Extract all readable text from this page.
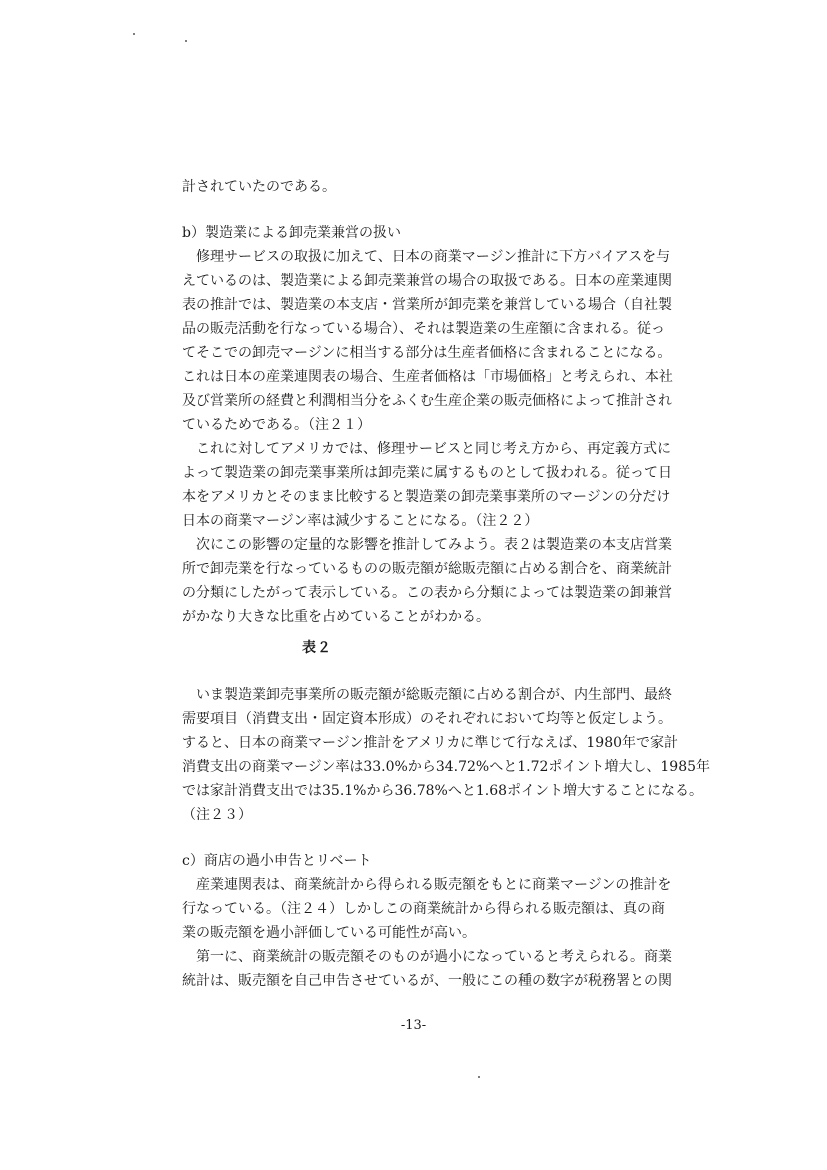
計されていたのである。
b）製造業による卸売業兼営の扱い
　修理サービスの取扱に加えて、日本の商業マージン推計に下方バイアスを与
えているのは、製造業による卸売業兼営の場合の取扱である。日本の産業連関
表の推計では、製造業の本支店・営業所が卸売業を兼営している場合（自社製
品の販売活動を行なっている場合）、それは製造業の生産額に含まれる。従っ
てそこでの卸売マージンに相当する部分は生産者価格に含まれることになる。
これは日本の産業連関表の場合、生産者価格は「市場価格」と考えられ、本社
及び営業所の経費と利潤相当分をふくむ生産企業の販売価格によって推計され
ているためである。（注２１）
　これに対してアメリカでは、修理サービスと同じ考え方から、再定義方式に
よって製造業の卸売業事業所は卸売業に属するものとして扱われる。従って日
本をアメリカとそのまま比較すると製造業の卸売業事業所のマージンの分だけ
日本の商業マージン率は減少することになる。（注２２）
　次にこの影響の定量的な影響を推計してみよう。表２は製造業の本支店営業
所で卸売業を行なっているものの販売額が総販売額に占める割合を、商業統計
の分類にしたがって表示している。この表から分類によっては製造業の卸兼営
がかなり大きな比重を占めていることがわかる。
表２
　いま製造業卸売事業所の販売額が総販売額に占める割合が、内生部門、最終
需要項目（消費支出・固定資本形成）のそれぞれにおいて均等と仮定しよう。
すると、日本の商業マージン推計をアメリカに準じて行なえば、1980年で家計
消費支出の商業マージン率は33.0%から34.72%へと1.72ポイント増大し、1985年
では家計消費支出では35.1%から36.78%へと1.68ポイント増大することになる。
（注２３）
c）商店の過小申告とリベート
　産業連関表は、商業統計から得られる販売額をもとに商業マージンの推計を
行なっている。（注２４）しかしこの商業統計から得られる販売額は、真の商
業の販売額を過小評価している可能性が高い。
　第一に、商業統計の販売額そのものが過小になっていると考えられる。商業
統計は、販売額を自己申告させているが、一般にこの種の数字が税務署との関
-13-
